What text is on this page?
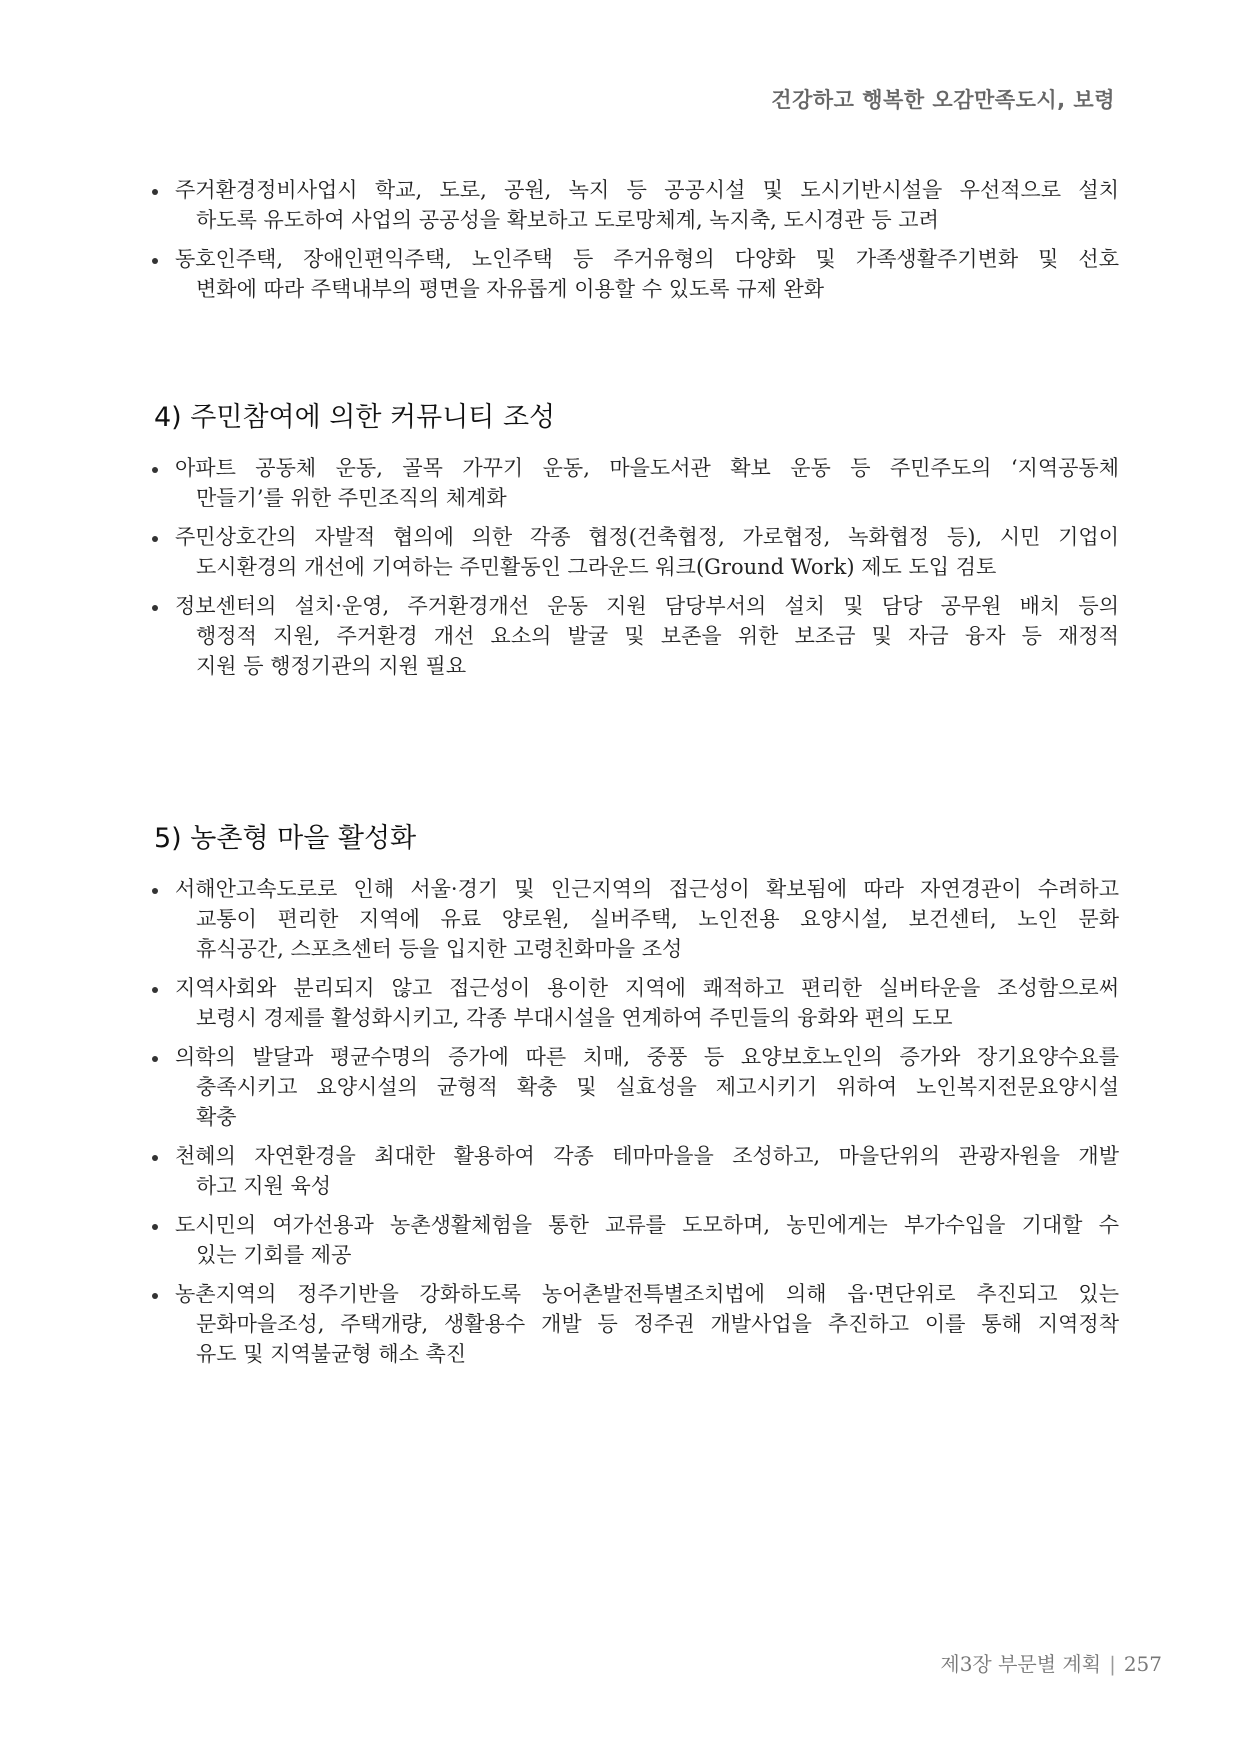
건강하고 행복한 오감만족도시, 보령
주거환경정비사업시 학교, 도로, 공원, 녹지 등 공공시설 및 도시기반시설을 우선적으로 설치
하도록 유도하여 사업의 공공성을 확보하고 도로망체계, 녹지축, 도시경관 등 고려
동호인주택, 장애인편익주택, 노인주택 등 주거유형의 다양화 및 가족생활주기변화 및 선호
변화에 따라 주택내부의 평면을 자유롭게 이용할 수 있도록 규제 완화
4) 주민참여에 의한 커뮤니티 조성
아파트 공동체 운동, 골목 가꾸기 운동, 마을도서관 확보 운동 등 주민주도의 ‘지역공동체
만들기’를 위한 주민조직의 체계화
주민상호간의 자발적 협의에 의한 각종 협정(건축협정, 가로협정, 녹화협정 등), 시민 기업이
도시환경의 개선에 기여하는 주민활동인 그라운드 워크(Ground Work) 제도 도입 검토
정보센터의 설치·운영, 주거환경개선 운동 지원 담당부서의 설치 및 담당 공무원 배치 등의
행정적 지원, 주거환경 개선 요소의 발굴 및 보존을 위한 보조금 및 자금 융자 등 재정적
지원 등 행정기관의 지원 필요
5) 농촌형 마을 활성화
서해안고속도로로 인해 서울·경기 및 인근지역의 접근성이 확보됨에 따라 자연경관이 수려하고
교통이 편리한 지역에 유료 양로원, 실버주택, 노인전용 요양시설, 보건센터, 노인 문화
휴식공간, 스포츠센터 등을 입지한 고령친화마을 조성
지역사회와 분리되지 않고 접근성이 용이한 지역에 쾌적하고 편리한 실버타운을 조성함으로써
보령시 경제를 활성화시키고, 각종 부대시설을 연계하여 주민들의 융화와 편의 도모
의학의 발달과 평균수명의 증가에 따른 치매, 중풍 등 요양보호노인의 증가와 장기요양수요를
충족시키고 요양시설의 균형적 확충 및 실효성을 제고시키기 위하여 노인복지전문요양시설
확충
천혜의 자연환경을 최대한 활용하여 각종 테마마을을 조성하고, 마을단위의 관광자원을 개발
하고 지원 육성
도시민의 여가선용과 농촌생활체험을 통한 교류를 도모하며, 농민에게는 부가수입을 기대할 수
있는 기회를 제공
농촌지역의 정주기반을 강화하도록 농어촌발전특별조치법에 의해 읍·면단위로 추진되고 있는
문화마을조성, 주택개량, 생활용수 개발 등 정주권 개발사업을 추진하고 이를 통해 지역정착
유도 및 지역불균형 해소 촉진
제3장 부문별 계획 | 257
